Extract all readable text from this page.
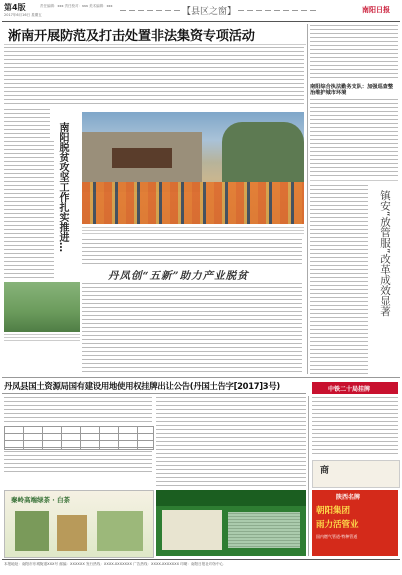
第4版
2017年6月16日 星期五
责任编辑：xxx 责任校对：xxx 美术编辑：xxx
【县区之窗】	南阳日报
淅南开展防范及打击处置非法集资专项活动
南阳综合执法勤务支队：加强巡查整治维护城市环境
南阳脱贫攻坚工作扎实推进…
丹凤创“五新”助力产业脱贫	镇安“放管服”改革成效显著
丹凤县国土资源局国有建设用地使用权挂牌出让公告(丹国土告字[2017]3号)	中铁二十局挂牌
商
秦岭高端绿茶 · 白茶	陕西名牌
朝阳集团
雨力活管业
国内燃气管道·特种管道
本报地址：南阳市东城街道XXX号 邮编：XXXXXX 发行热线：XXXX-XXXXXXX 广告热线：XXXX-XXXXXXX 印刷：南阳日报社印务中心
